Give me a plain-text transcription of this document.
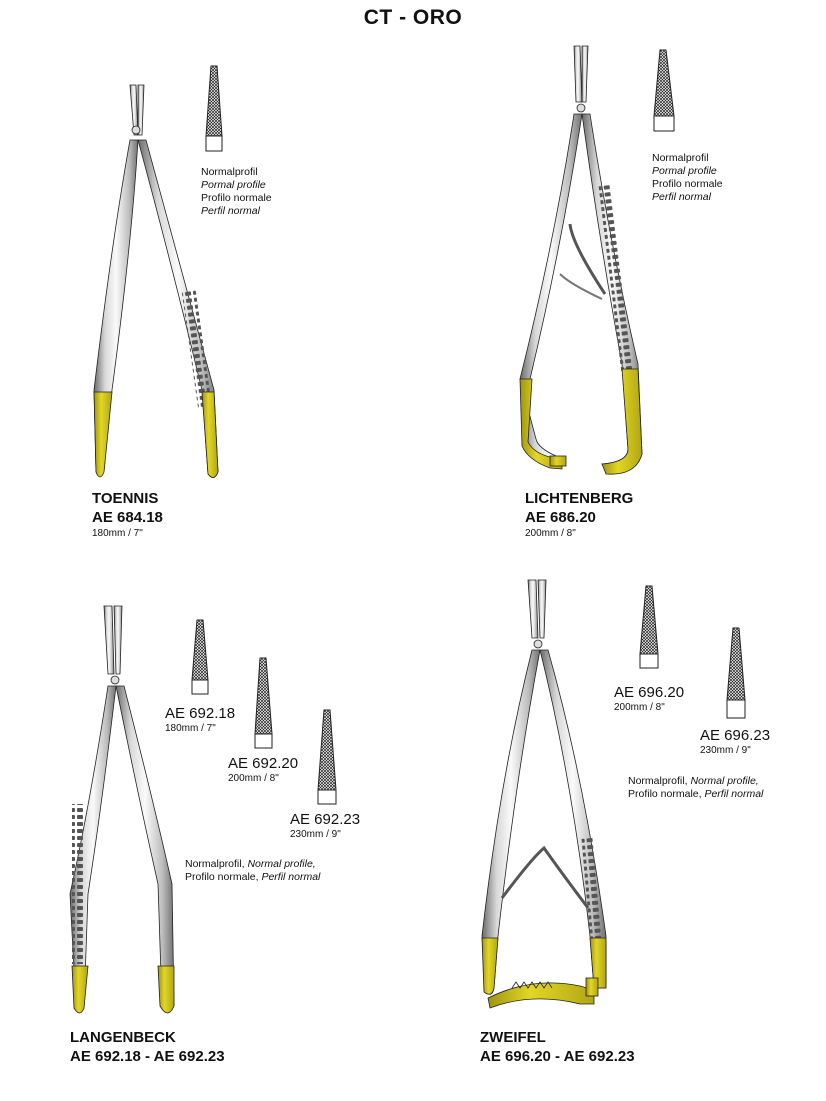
CT - ORO
Normalprofil
Pormal profile
Profilo normale
Perfil normal
TOENNIS
AE 684.18
180mm / 7"
Normalprofil
Pormal profile
Profilo normale
Perfil normal
LICHTENBERG
AE 686.20
200mm / 8"
AE 692.18
180mm / 7"
AE 692.20
200mm / 8"
AE 692.23
230mm / 9"
Normalprofil, Normal profile,
Profilo normale, Perfil normal
LANGENBECK
AE 692.18 - AE 692.23
AE 696.20
200mm / 8"
AE 696.23
230mm / 9"
Normalprofil, Normal profile,
Profilo normale, Perfil normal
ZWEIFEL
AE 696.20 - AE 692.23
